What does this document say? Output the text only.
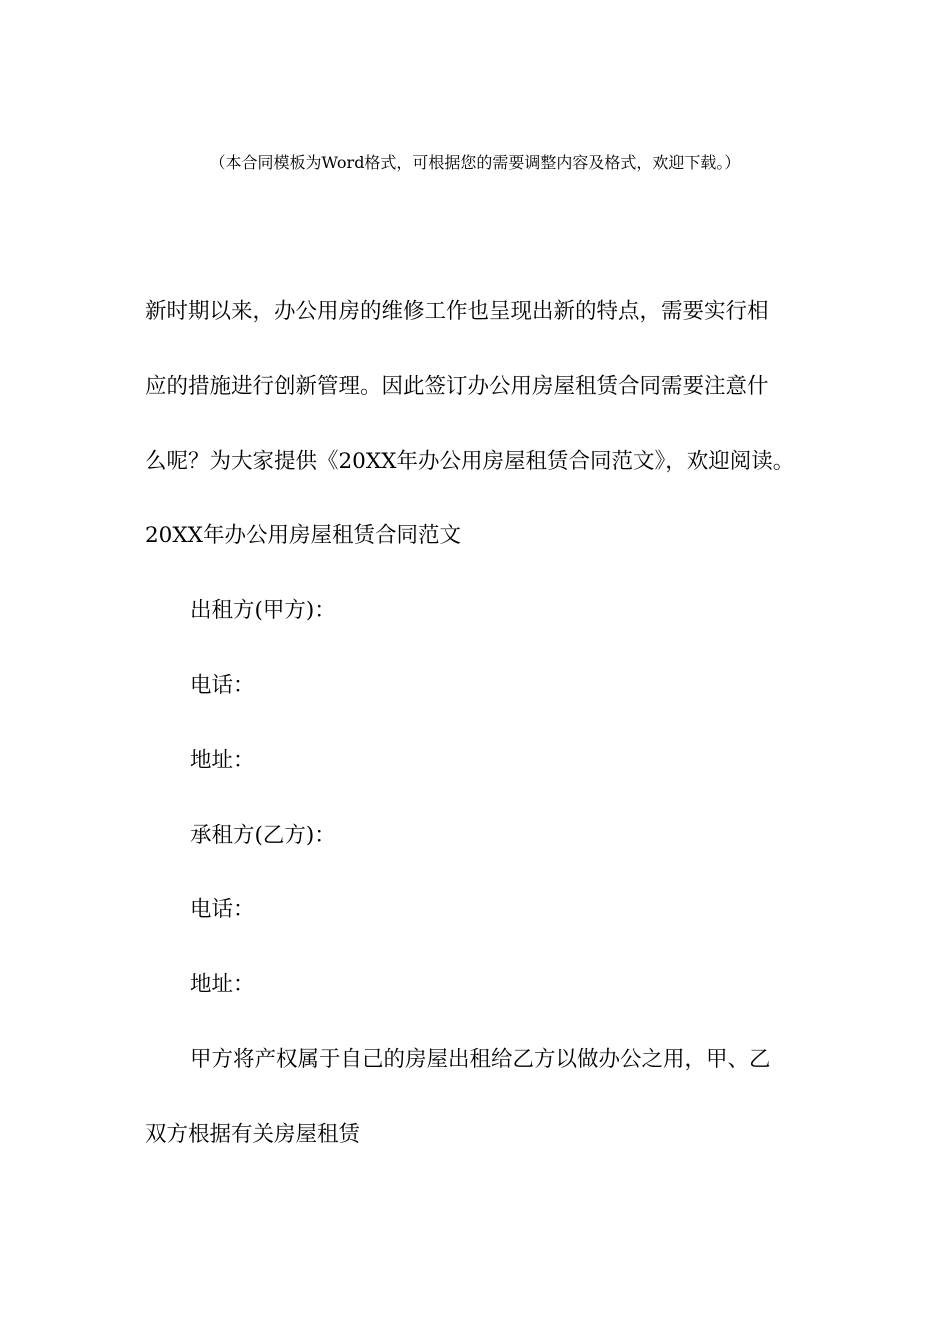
（本合同模板为Word格式，可根据您的需要调整内容及格式，欢迎下载。）
新时期以来，办公用房的维修工作也呈现出新的特点，需要实行相
应的措施进行创新管理。因此签订办公用房屋租赁合同需要注意什
么呢？为大家提供《20XX年办公用房屋租赁合同范文》，欢迎阅读。
20XX年办公用房屋租赁合同范文
出租方(甲方)：
电话：
地址：
承租方(乙方)：
电话：
地址：
甲方将产权属于自己的房屋出租给乙方以做办公之用，甲、乙
双方根据有关房屋租赁
